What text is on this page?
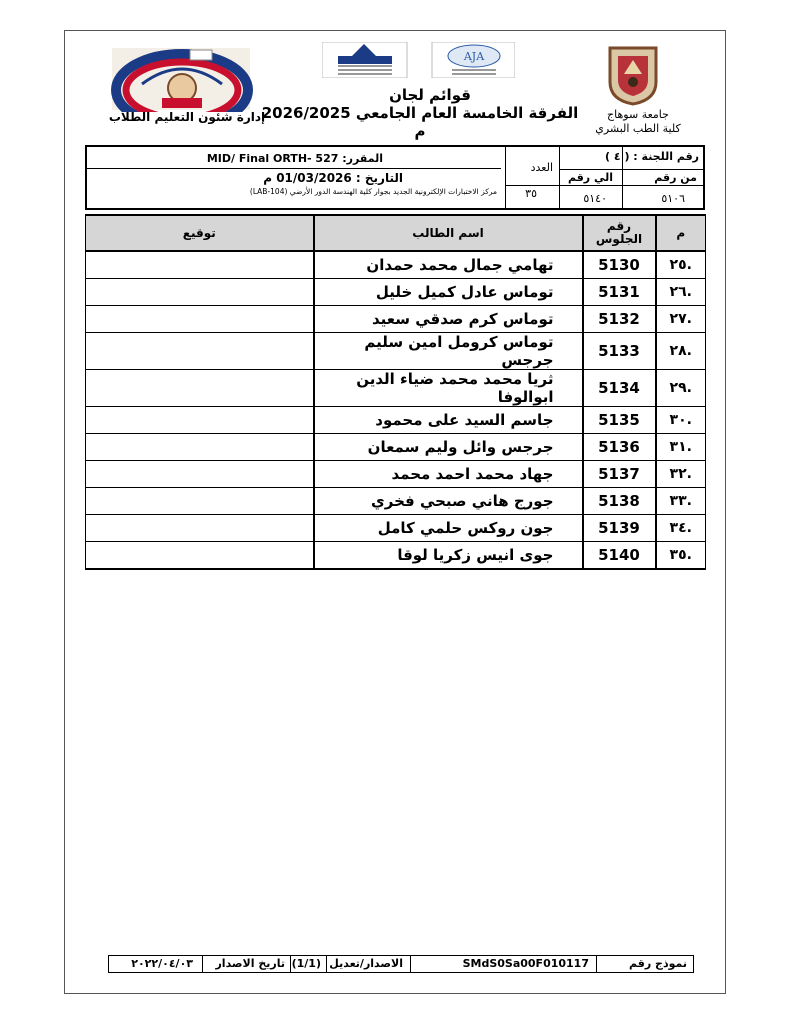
AJA
إدارة شئون التعليم الطلاب
قوائم لجان
الفرقة الخامسة العام الجامعي 2026/2025 م
جامعة سوهاج
كلية الطب البشري
رقم اللجنة : ( ٤ )
من رقم
٥١٠٦
الي رقم
٥١٤٠
العدد
٣٥
المقرر: MID/ Final ORTH- 527
التاريخ : 01/03/2026 م
مركز الاختبارات الإلكترونية الجديد بجوار كلية الهندسة الدور الأرضي (LAB-104)
م	رقم الجلوس	اسم الطالب	توقيع
.٢٥	5130	تهامي جمال محمد حمدان	
.٢٦	5131	توماس عادل كميل خليل	
.٢٧	5132	توماس كرم صدقي سعيد	
.٢٨	5133	توماس كرومل امين سليم جرجس	
.٢٩	5134	ثريا محمد محمد ضياء الدين ابوالوفا	
.٣٠	5135	جاسم السيد على محمود	
.٣١	5136	جرجس وائل وليم سمعان	
.٣٢	5137	جهاد محمد احمد محمد	
.٣٣	5138	جورج هاني صبحي فخري	
.٣٤	5139	جون روكس حلمي كامل	
.٣٥	5140	جوى انيس زكريا لوقا	
نموذج رقم
SMdS0Sa00F010117
الاصدار/تعديل
(1/1)
تاريخ الاصدار
٢٠٢٢/٠٤/٠٣
